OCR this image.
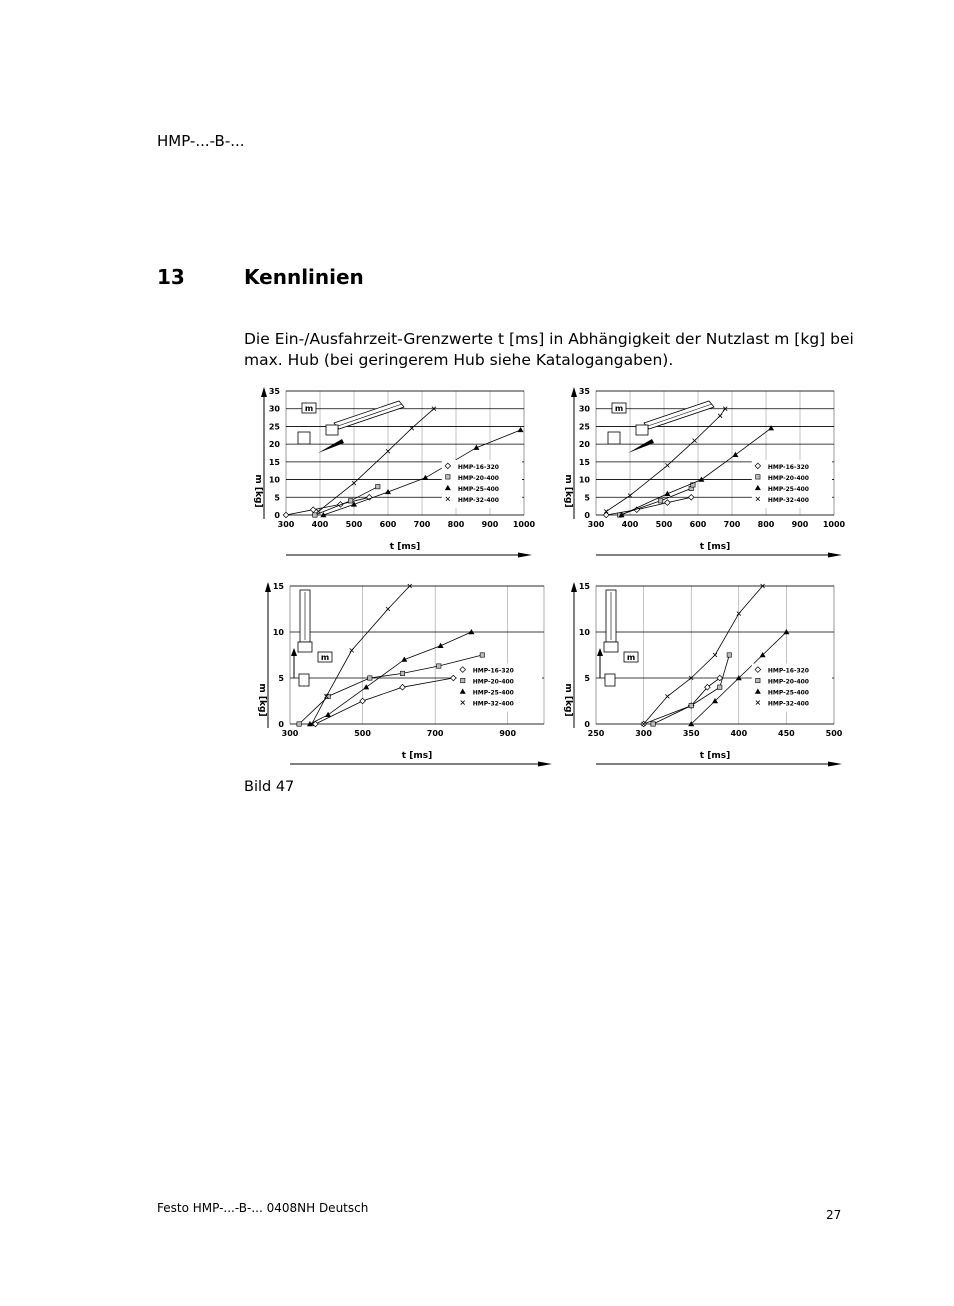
HMP-...-B-...
13	Kennlinien
Die Ein-/Ausfahrzeit-Grenzwerte t [ms] in Abhängigkeit der Nutzlast m [kg] bei max. Hub (bei geringerem Hub siehe Katalogangaben).
300 400 500 600 700 800 900 1000
0
5
10
15
20
25
30
35
m [kg]
t [ms]
m
HMP-16-320
HMP-20-400
HMP-25-400
HMP-32-400
300 400 500 600 700 800 900 1000
0
5
10
15
20
25
30
35
m [kg]
t [ms]
m
HMP-16-320
HMP-20-400
HMP-25-400
HMP-32-400
300	500	700	900
0
5
10
15
m [kg]
t [ms]
m
HMP-16-320
HMP-20-400
HMP-25-400
HMP-32-400
250	300	350	400	450	500
0
5
10
15
m [kg]
t [ms]
m
HMP-16-320
HMP-20-400
HMP-25-400
HMP-32-400
Bild 47
Festo HMP-...-B-... 0408NH Deutsch	27
